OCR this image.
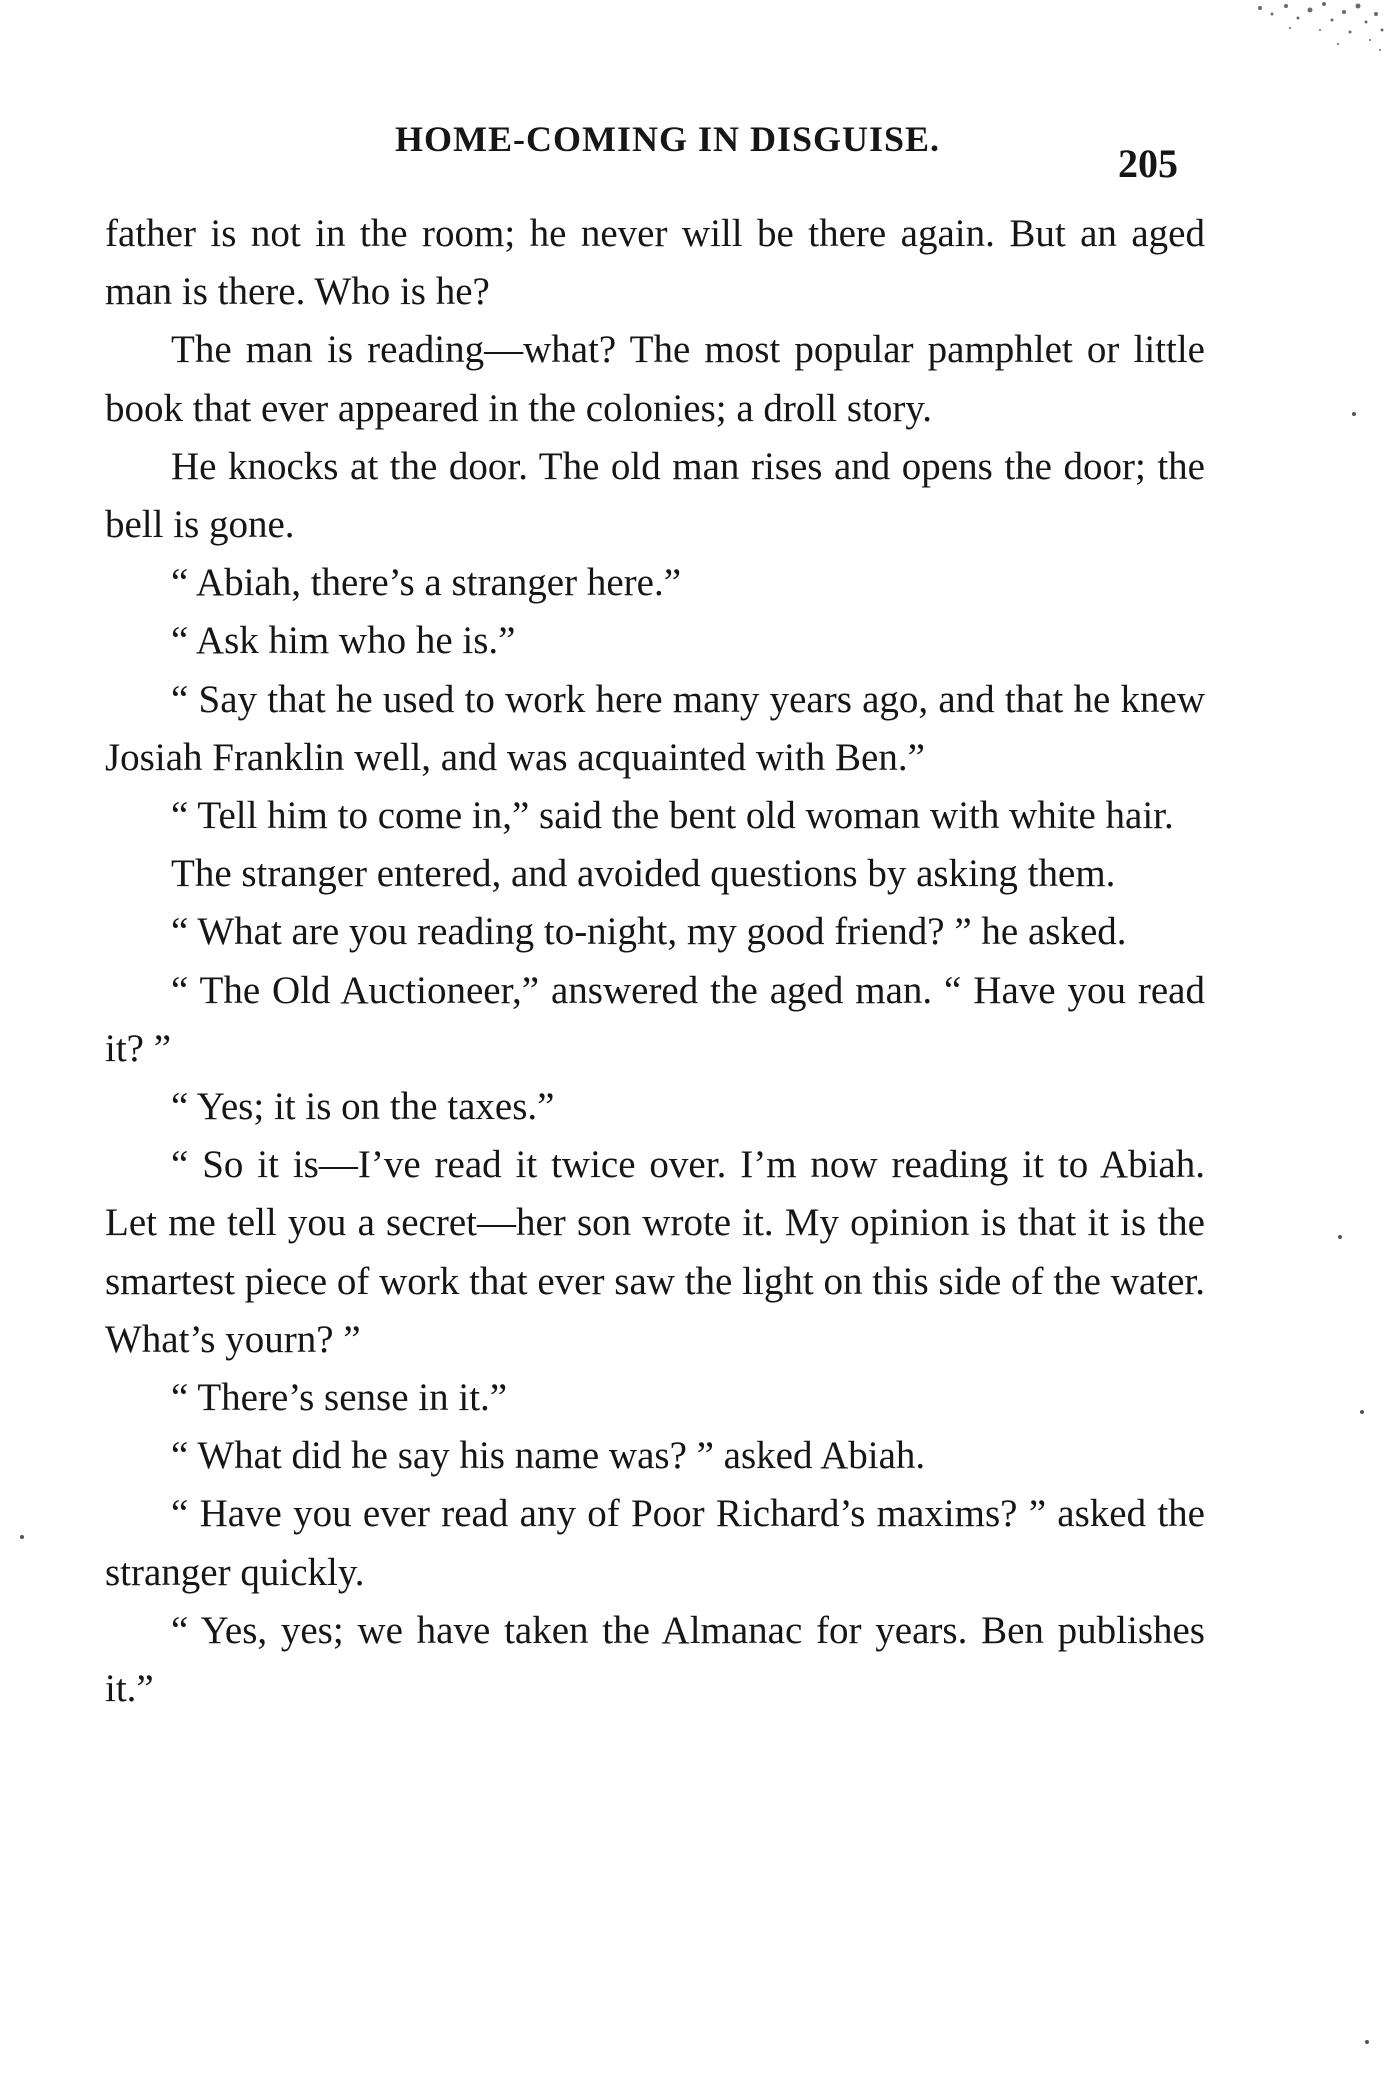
HOME-COMING IN DISGUISE.
205

father is not in the room; he never will be there again. But an aged man is there. Who is he?

The man is reading—what? The most popular pamphlet or little book that ever appeared in the colonies; a droll story.

He knocks at the door. The old man rises and opens the door; the bell is gone.

“ Abiah, there’s a stranger here.”

“ Ask him who he is.”

“ Say that he used to work here many years ago, and that he knew Josiah Franklin well, and was acquainted with Ben.”

“ Tell him to come in,” said the bent old woman with white hair.

The stranger entered, and avoided questions by asking them.

“ What are you reading to-night, my good friend? ” he asked.

“ The Old Auctioneer,” answered the aged man. “ Have you read it? ”

“ Yes; it is on the taxes.”

“ So it is—I’ve read it twice over. I’m now reading it to Abiah. Let me tell you a secret—her son wrote it. My opinion is that it is the smartest piece of work that ever saw the light on this side of the water. What’s yourn? ”

“ There’s sense in it.”

“ What did he say his name was? ” asked Abiah.

“ Have you ever read any of Poor Richard’s maxims? ” asked the stranger quickly.

“ Yes, yes; we have taken the Almanac for years. Ben publishes it.”
